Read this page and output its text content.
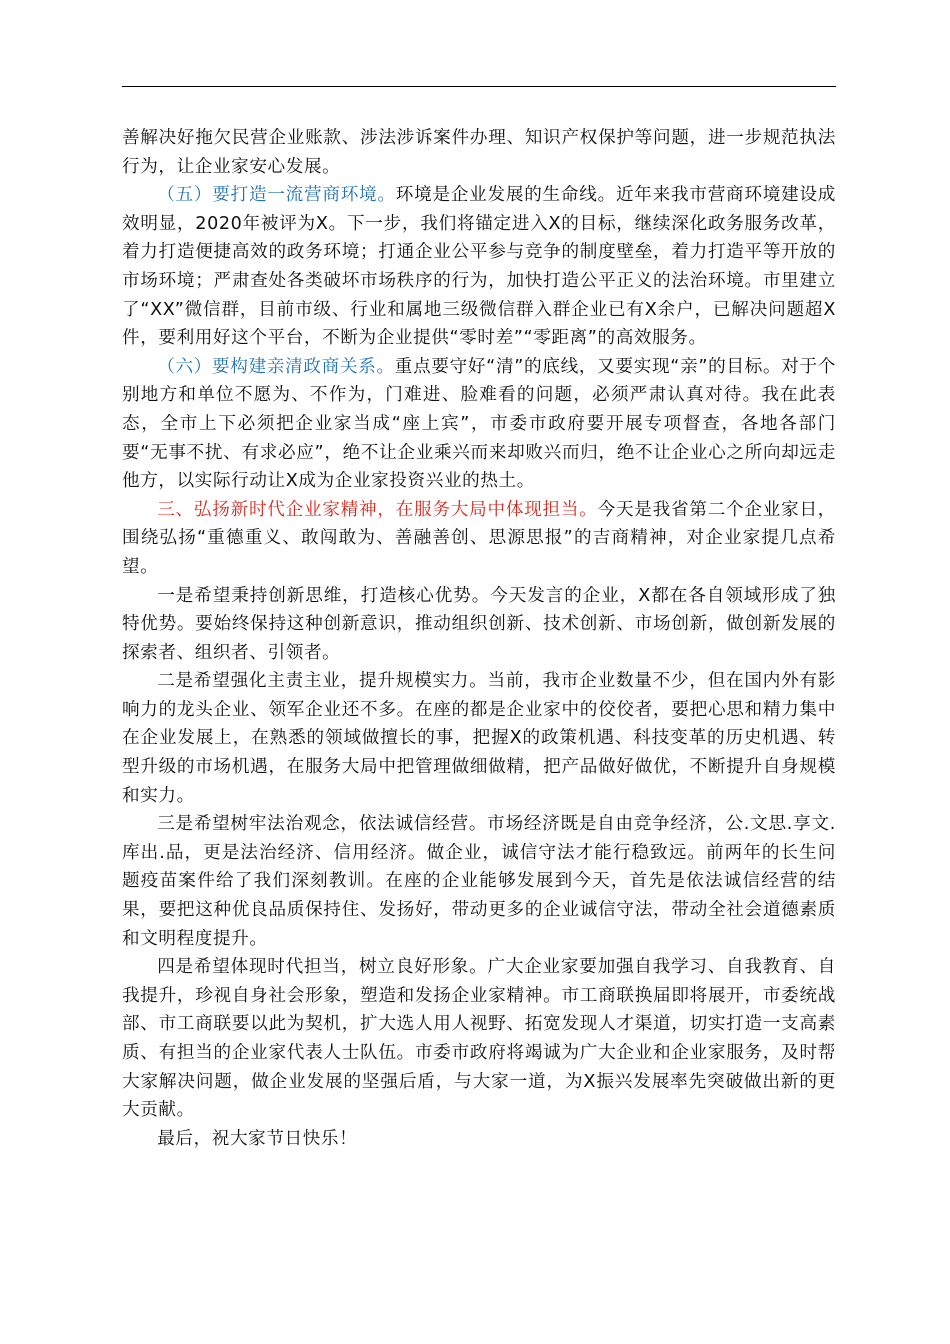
善解决好拖欠民营企业账款、涉法涉诉案件办理、知识产权保护等问题，进一步规范执法行为，让企业家安心发展。

（五）要打造一流营商环境。环境是企业发展的生命线。近年来我市营商环境建设成效明显，2020年被评为X。下一步，我们将锚定进入X的目标，继续深化政务服务改革，着力打造便捷高效的政务环境；打通企业公平参与竞争的制度壁垒，着力打造平等开放的市场环境；严肃查处各类破坏市场秩序的行为，加快打造公平正义的法治环境。市里建立了“XX”微信群，目前市级、行业和属地三级微信群入群企业已有X余户，已解决问题超X件，要利用好这个平台，不断为企业提供“零时差”“零距离”的高效服务。

（六）要构建亲清政商关系。重点要守好“清”的底线，又要实现“亲”的目标。对于个别地方和单位不愿为、不作为，门难进、脸难看的问题，必须严肃认真对待。我在此表态，全市上下必须把企业家当成“座上宾”，市委市政府要开展专项督查，各地各部门要“无事不扰、有求必应”，绝不让企业乘兴而来却败兴而归，绝不让企业心之所向却远走他方，以实际行动让X成为企业家投资兴业的热土。

三、弘扬新时代企业家精神，在服务大局中体现担当。今天是我省第二个企业家日，围绕弘扬“重德重义、敢闯敢为、善融善创、思源思报”的吉商精神，对企业家提几点希望。

一是希望秉持创新思维，打造核心优势。今天发言的企业，X都在各自领域形成了独特优势。要始终保持这种创新意识，推动组织创新、技术创新、市场创新，做创新发展的探索者、组织者、引领者。

二是希望强化主责主业，提升规模实力。当前，我市企业数量不少，但在国内外有影响力的龙头企业、领军企业还不多。在座的都是企业家中的佼佼者，要把心思和精力集中在企业发展上，在熟悉的领域做擅长的事，把握X的政策机遇、科技变革的历史机遇、转型升级的市场机遇，在服务大局中把管理做细做精，把产品做好做优，不断提升自身规模和实力。

三是希望树牢法治观念，依法诚信经营。市场经济既是自由竞争经济，公.文思.享文.库出.品，更是法治经济、信用经济。做企业，诚信守法才能行稳致远。前两年的长生问题疫苗案件给了我们深刻教训。在座的企业能够发展到今天，首先是依法诚信经营的结果，要把这种优良品质保持住、发扬好，带动更多的企业诚信守法，带动全社会道德素质和文明程度提升。

四是希望体现时代担当，树立良好形象。广大企业家要加强自我学习、自我教育、自我提升，珍视自身社会形象，塑造和发扬企业家精神。市工商联换届即将展开，市委统战部、市工商联要以此为契机，扩大选人用人视野、拓宽发现人才渠道，切实打造一支高素质、有担当的企业家代表人士队伍。市委市政府将竭诚为广大企业和企业家服务，及时帮大家解决问题，做企业发展的坚强后盾，与大家一道，为X振兴发展率先突破做出新的更大贡献。

最后，祝大家节日快乐！
